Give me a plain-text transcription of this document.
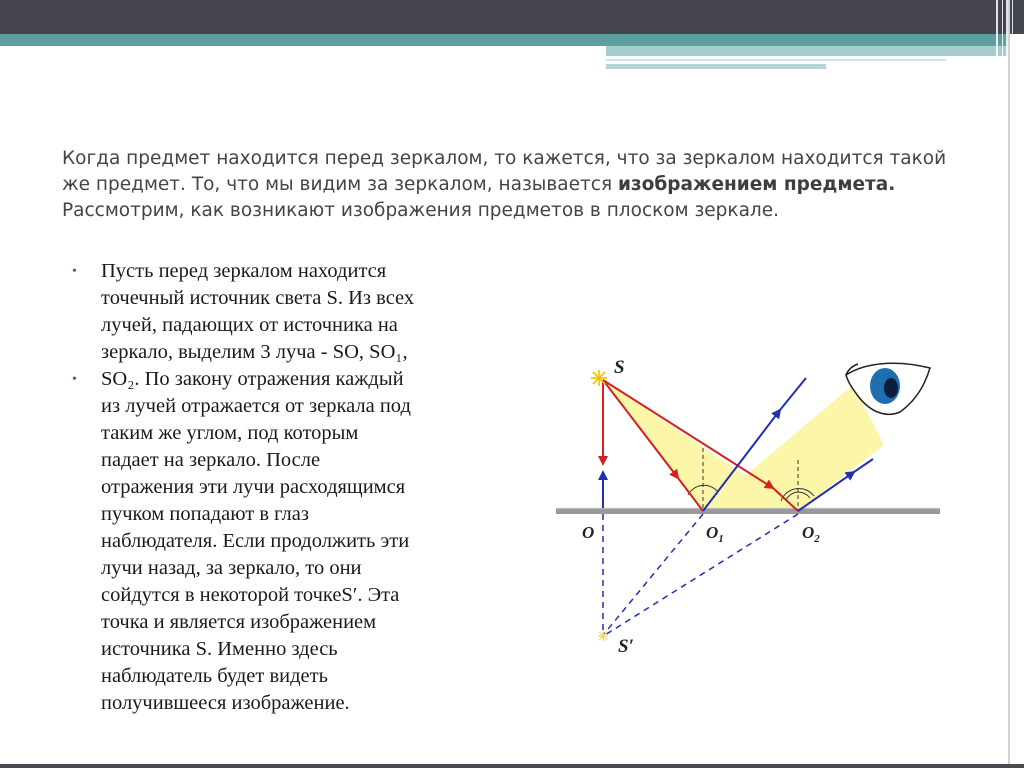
Когда предмет находится перед зеркалом, то кажется, что за зеркалом находится такой же предмет. То, что мы видим за зеркалом, называется изображением предмета. Рассмотрим, как возникают изображения предметов в плоском зеркале.

• Пусть перед зеркалом находится
точечный источник света S. Из всех
лучей, падающих от источника на
зеркало, выделим 3 луча - SO, SO₁,
• SO₂. По закону отражения каждый
из лучей отражается от зеркала под
таким же углом, под которым
падает на зеркало. После
отражения эти лучи расходящимся
пучком попадают в глаз
наблюдателя. Если продолжить эти
лучи назад, за зеркало, то они
сойдутся в некоторой точкеS′. Эта
точка и является изображением
источника S. Именно здесь
наблюдатель будет видеть
получившееся изображение.
S
S′
O	$O_1$	$O_2$
